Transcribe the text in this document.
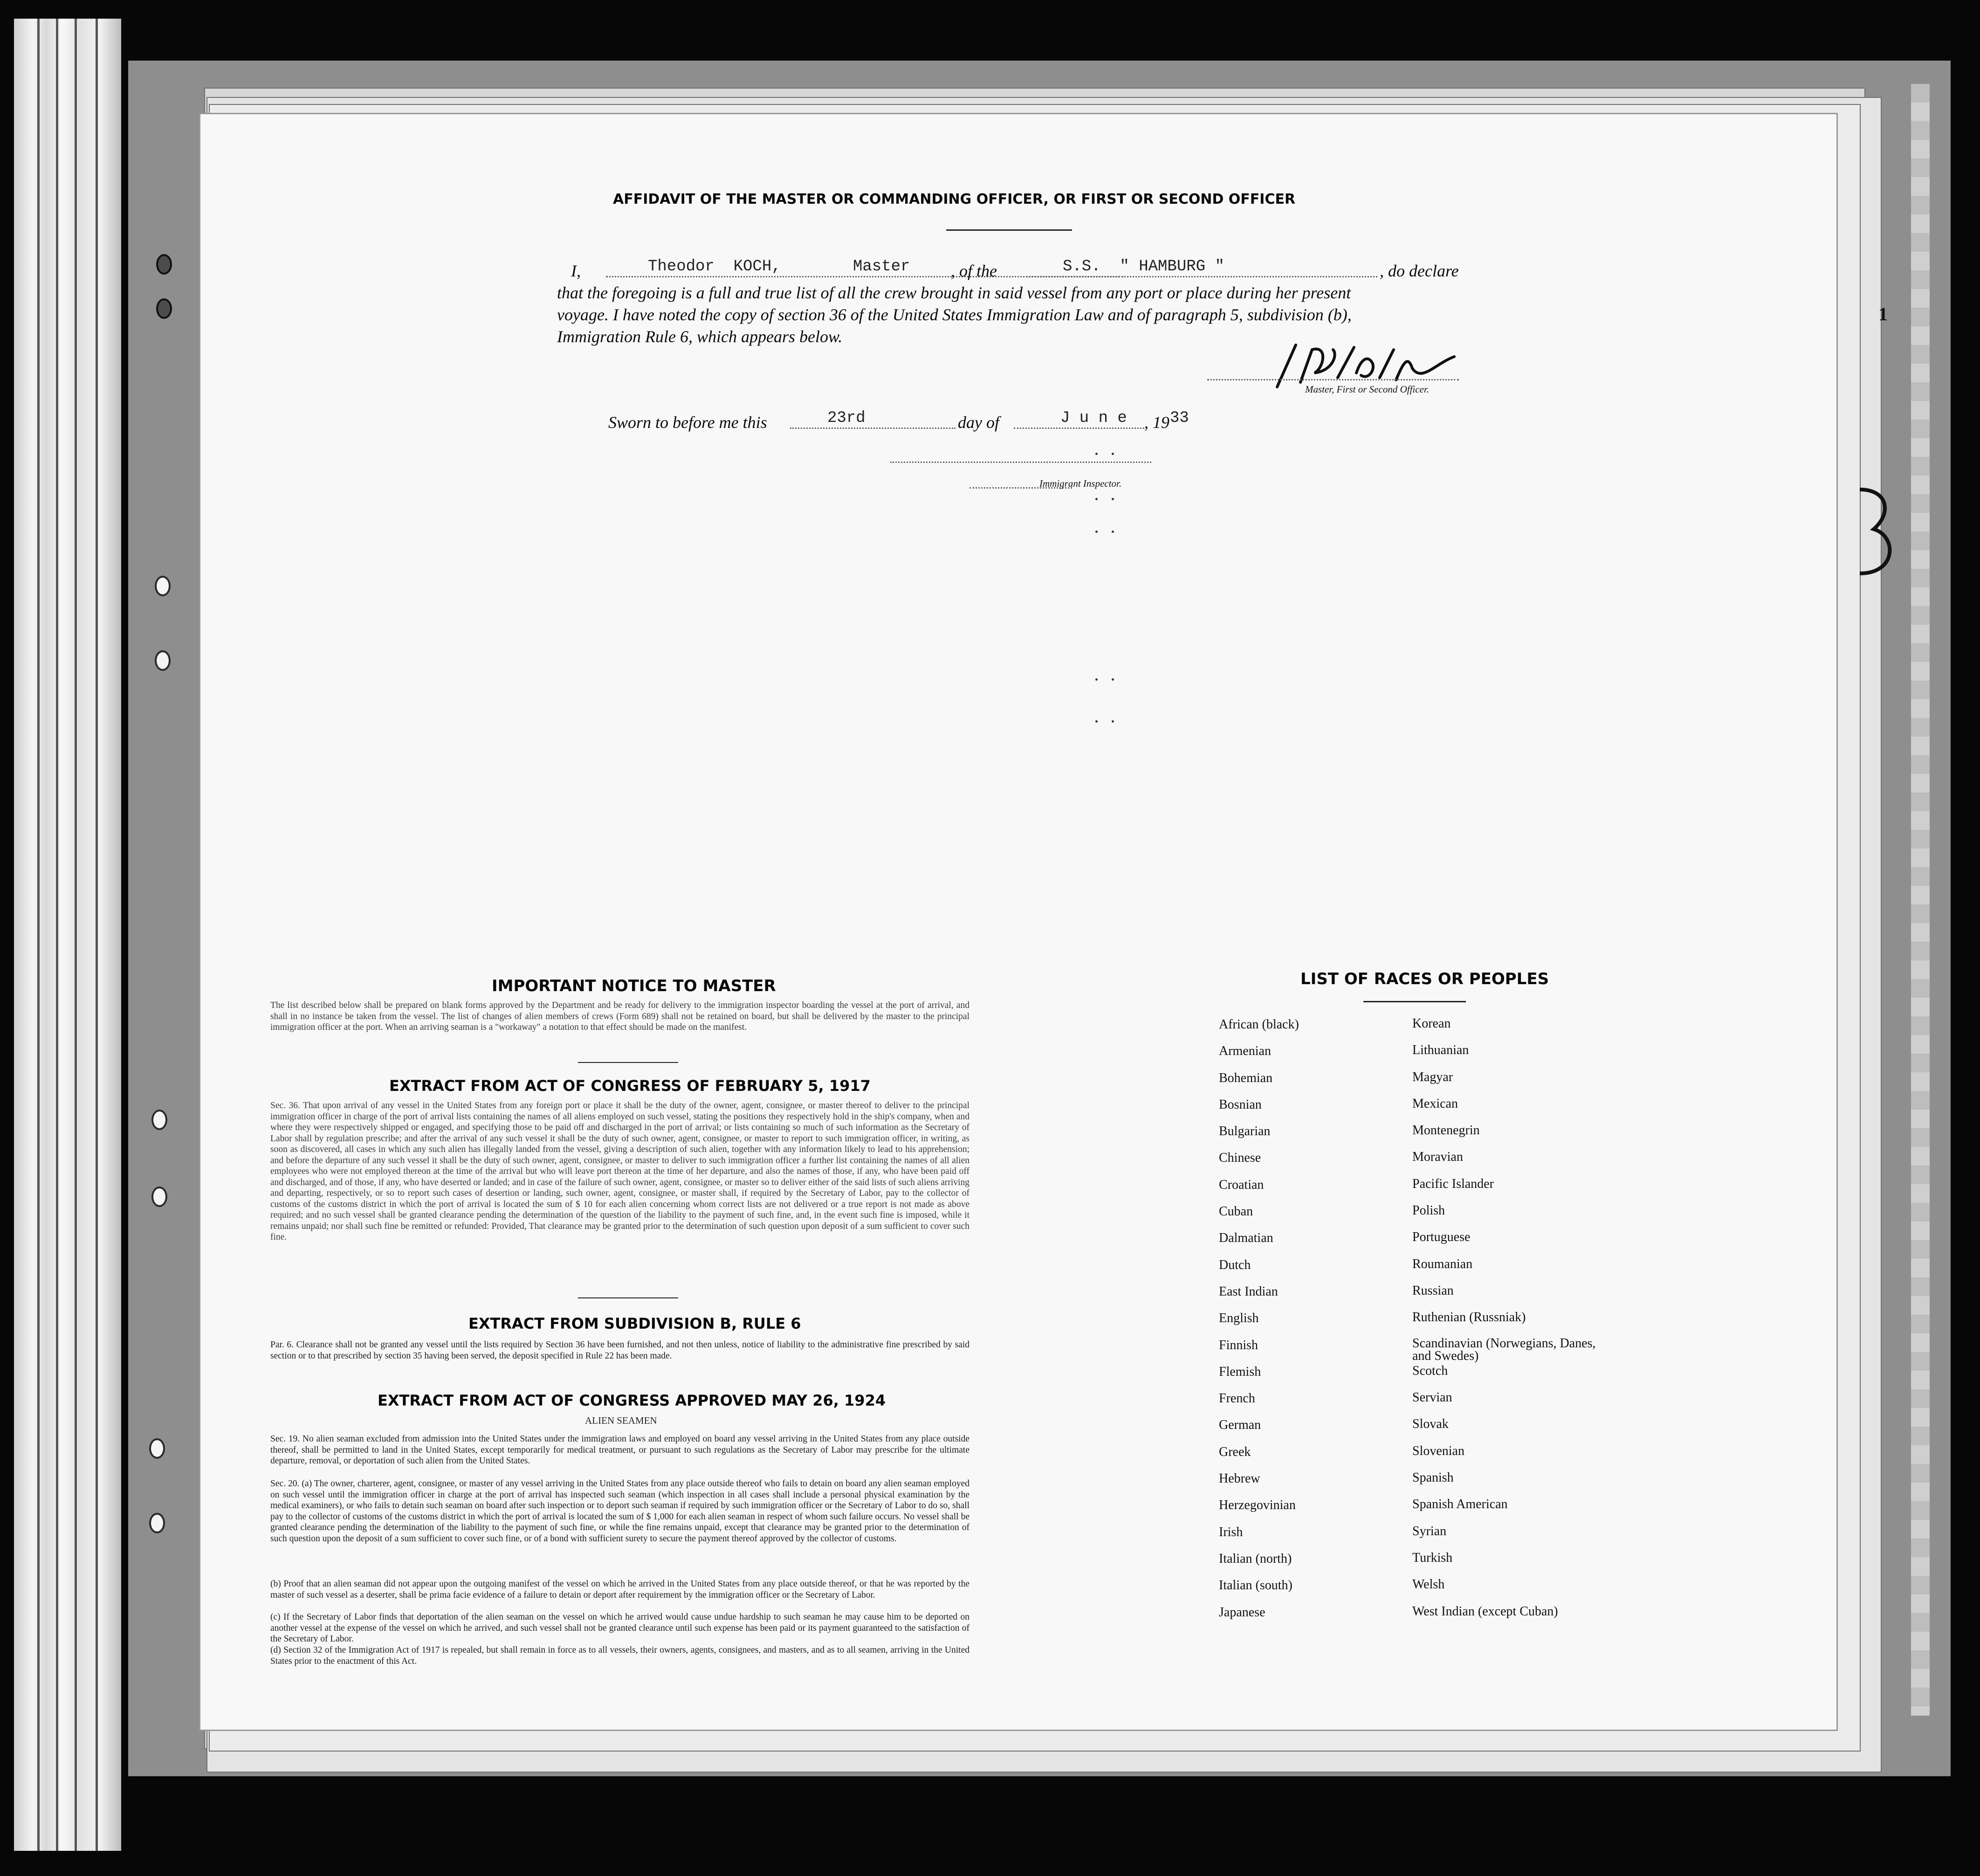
1
AFFIDAVIT OF THE MASTER OR COMMANDING OFFICER, OR FIRST OR SECOND OFFICER
I,	Theodor  KOCH,	Master , of the	S.S.  " HAMBURG "	, do declare
that the foregoing is a full and true list of all the crew brought in said vessel from any port or place during her present
voyage. I have noted the copy of section 36 of the United States Immigration Law and of paragraph 5, subdivision (b),
Immigration Rule 6, which appears below.
Master, First or Second Officer.
Sworn to before me this	23rd	day of	J u n e , 19 33
Immigrant Inspector.
IMPORTANT NOTICE TO MASTER

The list described below shall be prepared on blank forms approved by the Department and be ready for delivery to the immigration inspector boarding the vessel at the port of arrival, and shall in no instance be taken from the vessel. The list of changes of alien members of crews (Form 689) shall not be retained on board, but shall be delivered by the master to the principal immigration officer at the port. When an arriving seaman is a "workaway" a notation to that effect should be made on the manifest.

EXTRACT FROM ACT OF CONGRESS OF FEBRUARY 5, 1917

Sec. 36. That upon arrival of any vessel in the United States from any foreign port or place it shall be the duty of the owner, agent, consignee, or master thereof to deliver to the principal immigration officer in charge of the port of arrival lists containing the names of all aliens employed on such vessel, stating the positions they respectively hold in the ship's company, when and where they were respectively shipped or engaged, and specifying those to be paid off and discharged in the port of arrival; or lists containing so much of such information as the Secretary of Labor shall by regulation prescribe; and after the arrival of any such vessel it shall be the duty of such owner, agent, consignee, or master to report to such immigration officer, in writing, as soon as discovered, all cases in which any such alien has illegally landed from the vessel, giving a description of such alien, together with any information likely to lead to his apprehension; and before the departure of any such vessel it shall be the duty of such owner, agent, consignee, or master to deliver to such immigration officer a further list containing the names of all alien employees who were not employed thereon at the time of the arrival but who will leave port thereon at the time of her departure, and also the names of those, if any, who have been paid off and discharged, and of those, if any, who have deserted or landed; and in case of the failure of such owner, agent, consignee, or master so to deliver either of the said lists of such aliens arriving and departing, respectively, or so to report such cases of desertion or landing, such owner, agent, consignee, or master shall, if required by the Secretary of Labor, pay to the collector of customs of the customs district in which the port of arrival is located the sum of $ 10 for each alien concerning whom correct lists are not delivered or a true report is not made as above required; and no such vessel shall be granted clearance pending the determination of the question of the liability to the payment of such fine, and, in the event such fine is imposed, while it remains unpaid; nor shall such fine be remitted or refunded: Provided, That clearance may be granted prior to the determination of such question upon deposit of a sum sufficient to cover such fine.

EXTRACT FROM SUBDIVISION B, RULE 6

Par. 6. Clearance shall not be granted any vessel until the lists required by Section 36 have been furnished, and not then unless, notice of liability to the administrative fine prescribed by said section or to that prescribed by section 35 having been served, the deposit specified in Rule 22 has been made.

EXTRACT FROM ACT OF CONGRESS APPROVED MAY 26, 1924
ALIEN SEAMEN

Sec. 19. No alien seaman excluded from admission into the United States under the immigration laws and employed on board any vessel arriving in the United States from any place outside thereof, shall be permitted to land in the United States, except temporarily for medical treatment, or pursuant to such regulations as the Secretary of Labor may prescribe for the ultimate departure, removal, or deportation of such alien from the United States.

Sec. 20. (a) The owner, charterer, agent, consignee, or master of any vessel arriving in the United States from any place outside thereof who fails to detain on board any alien seaman employed on such vessel until the immigration officer in charge at the port of arrival has inspected such seaman (which inspection in all cases shall include a personal physical examination by the medical examiners), or who fails to detain such seaman on board after such inspection or to deport such seaman if required by such immigration officer or the Secretary of Labor to do so, shall pay to the collector of customs of the customs district in which the port of arrival is located the sum of $ 1,000 for each alien seaman in respect of whom such failure occurs. No vessel shall be granted clearance pending the determination of the liability to the payment of such fine, or while the fine remains unpaid, except that clearance may be granted prior to the determination of such question upon the deposit of a sum sufficient to cover such fine, or of a bond with sufficient surety to secure the payment thereof approved by the collector of customs.

(b) Proof that an alien seaman did not appear upon the outgoing manifest of the vessel on which he arrived in the United States from any place outside thereof, or that he was reported by the master of such vessel as a deserter, shall be prima facie evidence of a failure to detain or deport after requirement by the immigration officer or the Secretary of Labor.

(c) If the Secretary of Labor finds that deportation of the alien seaman on the vessel on which he arrived would cause undue hardship to such seaman he may cause him to be deported on another vessel at the expense of the vessel on which he arrived, and such vessel shall not be granted clearance until such expense has been paid or its payment guaranteed to the satisfaction of the Secretary of Labor.

(d) Section 32 of the Immigration Act of 1917 is repealed, but shall remain in force as to all vessels, their owners, agents, consignees, and masters, and as to all seamen, arriving in the United States prior to the enactment of this Act.

LIST OF RACES OR PEOPLES
African (black)
Armenian
Bohemian
Bosnian
Bulgarian
Chinese
Croatian
Cuban
Dalmatian
Dutch
East Indian
English
Finnish
Flemish
French
German
Greek
Hebrew
Herzegovinian
Irish
Italian (north)
Italian (south)
Japanese
Korean
Lithuanian
Magyar
Mexican
Montenegrin
Moravian
Pacific Islander
Polish
Portuguese
Roumanian
Russian
Ruthenian (Russniak)
Scandinavian (Norwegians, Danes, and Swedes)
Scotch
Servian
Slovak
Slovenian
Spanish
Spanish American
Syrian
Turkish
Welsh
West Indian (except Cuban)
